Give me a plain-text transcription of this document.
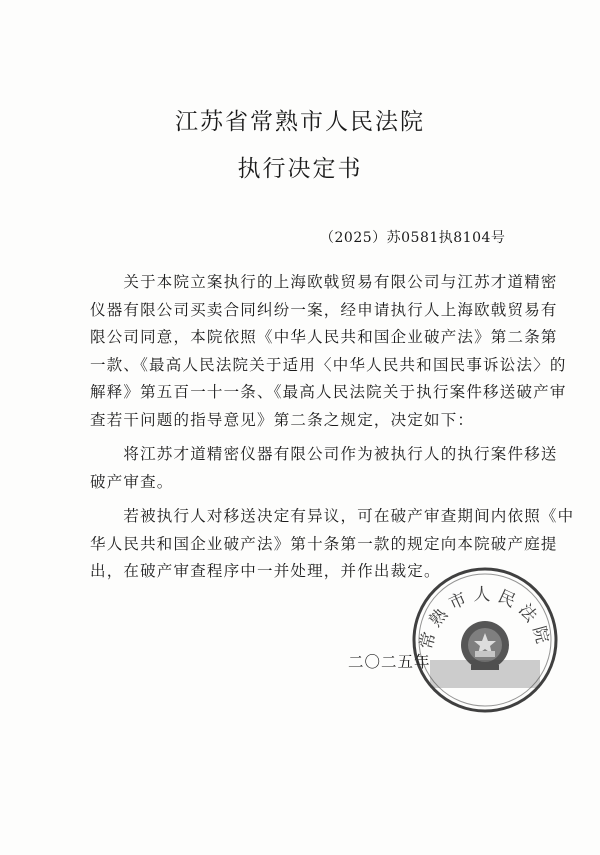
江苏省常熟市人民法院
执行决定书
（2025）苏0581执8104号

　　关于本院立案执行的上海欧戟贸易有限公司与江苏才道精密
仪器有限公司买卖合同纠纷一案，经申请执行人上海欧戟贸易有
限公司同意，本院依照《中华人民共和国企业破产法》第二条第
一款、《最高人民法院关于适用〈中华人民共和国民事诉讼法〉的
解释》第五百一十一条、《最高人民法院关于执行案件移送破产审
查若干问题的指导意见》第二条之规定，决定如下：

　　将江苏才道精密仪器有限公司作为被执行人的执行案件移送
破产审查。

　　若被执行人对移送决定有异议，可在破产审查期间内依照《中
华人民共和国企业破产法》第十条第一款的规定向本院破产庭提
出，在破产审查程序中一并处理，并作出裁定。

二〇二五年
常熟市人民法院
